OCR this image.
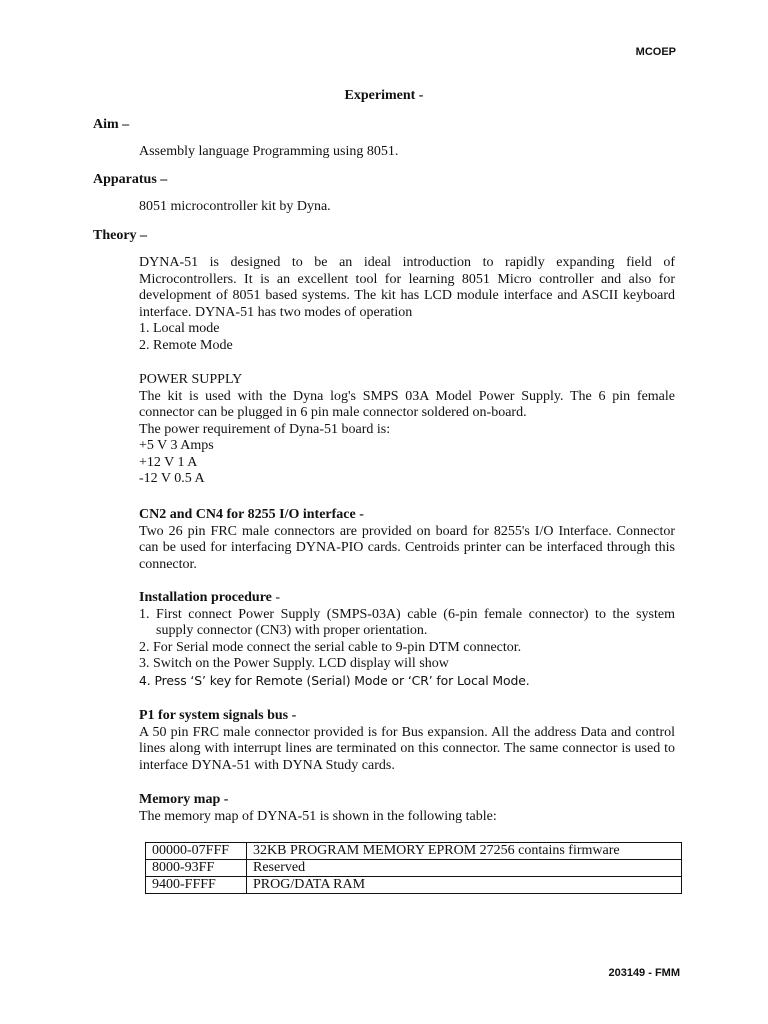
MCOEP
Experiment -
Aim –
Assembly language Programming using 8051.
Apparatus –
8051 microcontroller kit by Dyna.
Theory –
DYNA-51 is designed to be an ideal introduction to rapidly expanding field of Microcontrollers. It is an excellent tool for learning 8051 Micro controller and also for development of 8051 based systems. The kit has LCD module interface and ASCII keyboard interface. DYNA-51 has two modes of operation
1. Local mode
2. Remote Mode
POWER SUPPLY
The kit is used with the Dyna log's SMPS 03A Model Power Supply. The 6 pin female connector can be plugged in 6 pin male connector soldered on-board.
The power requirement of Dyna-51 board is:
+5 V 3 Amps
+12 V 1 A
-12 V 0.5 A
CN2 and CN4 for 8255 I/O interface -
Two 26 pin FRC male connectors are provided on board for 8255's I/O Interface. Connector can be used for interfacing DYNA-PIO cards. Centroids printer can be interfaced through this connector.
Installation procedure -
1. First connect Power Supply (SMPS-03A) cable (6-pin female connector) to the system supply connector (CN3) with proper orientation.
2. For Serial mode connect the serial cable to 9-pin DTM connector.
3. Switch on the Power Supply. LCD display will show
4. Press ‘S’ key for Remote (Serial) Mode or ‘CR’ for Local Mode.
P1 for system signals bus -
A 50 pin FRC male connector provided is for Bus expansion. All the address Data and control lines along with interrupt lines are terminated on this connector. The same connector is used to interface DYNA-51 with DYNA Study cards.
Memory map -
The memory map of DYNA-51 is shown in the following table:
00000-07FFF	32KB PROGRAM MEMORY EPROM 27256 contains firmware
8000-93FF	Reserved
9400-FFFF	PROG/DATA RAM
203149 - FMM
